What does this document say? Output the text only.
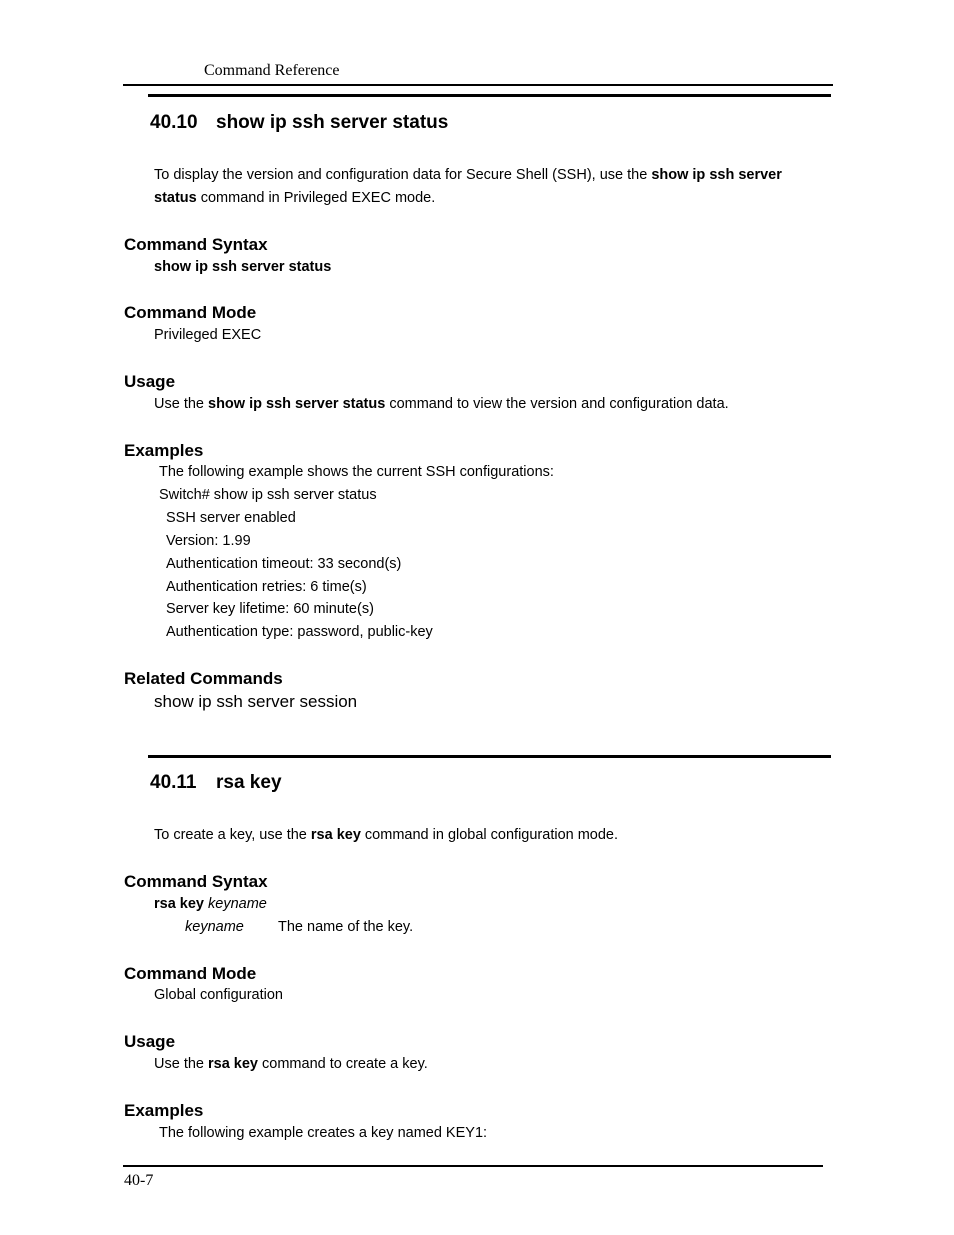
Command Reference
40.10 show ip ssh server status
To display the version and configuration data for Secure Shell (SSH), use the show ip ssh server
status command in Privileged EXEC mode.
Command Syntax
show ip ssh server status
Command Mode
Privileged EXEC
Usage
Use the show ip ssh server status command to view the version and configuration data.
Examples
The following example shows the current SSH configurations:
Switch# show ip ssh server status
SSH server enabled
Version: 1.99
Authentication timeout: 33 second(s)
Authentication retries: 6 time(s)
Server key lifetime: 60 minute(s)
Authentication type: password, public-key
Related Commands
show ip ssh server session
40.11 rsa key
To create a key, use the rsa key command in global configuration mode.
Command Syntax
rsa key keyname
keyname The name of the key.
Command Mode
Global configuration
Usage
Use the rsa key command to create a key.
Examples
The following example creates a key named KEY1:
40-7
